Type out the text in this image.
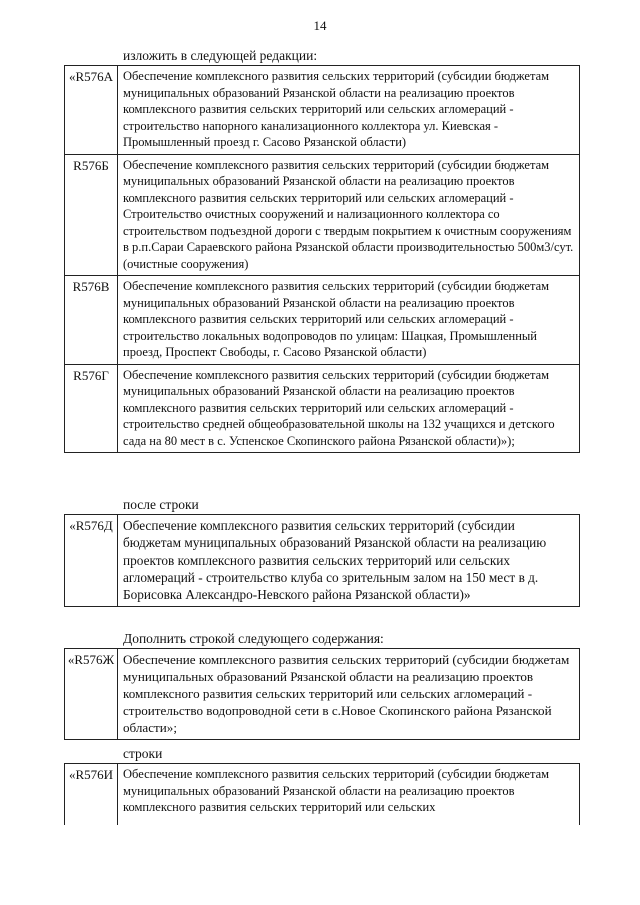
14
изложить в следующей редакции:
«R576А	Обеспечение комплексного развития сельских территорий (субсидии бюджетам муниципальных образований Рязанской области на реализацию проектов комплексного развития сельских территорий или сельских агломераций - строительство напорного канализационного коллектора ул. Киевская - Промышленный проезд г. Сасово Рязанской области)
R576Б	Обеспечение комплексного развития сельских территорий (субсидии бюджетам муниципальных образований Рязанской области на реализацию проектов комплексного развития сельских территорий или сельских агломераций - Строительство очистных сооружений и нализационного коллектора со строительством подъездной дороги с твердым покрытием к очистным сооружениям в р.п.Сараи Сараевского района Рязанской области производительностью 500м3/сут.(очистные сооружения)
R576В	Обеспечение комплексного развития сельских территорий (субсидии бюджетам муниципальных образований Рязанской области на реализацию проектов комплексного развития сельских территорий или сельских агломераций - строительство локальных водопроводов по улицам: Шацкая, Промышленный проезд, Проспект Свободы, г. Сасово Рязанской области)
R576Г	Обеспечение комплексного развития сельских территорий (субсидии бюджетам муниципальных образований Рязанской области на реализацию проектов комплексного развития сельских территорий или сельских агломераций - строительство средней общеобразовательной школы на 132 учащихся и детского сада на 80 мест в с. Успенское Скопинского района Рязанской области)»);
после строки
«R576Д	Обеспечение комплексного развития сельских территорий (субсидии бюджетам муниципальных образований Рязанской области на реализацию проектов комплексного развития сельских территорий или сельских агломераций - строительство клуба со зрительным залом на 150 мест в д. Борисовка Александро-Невского района Рязанской области)»
Дополнить строкой следующего содержания:
«R576Ж	Обеспечение комплексного развития сельских территорий (субсидии бюджетам муниципальных образований Рязанской области на реализацию проектов комплексного развития сельских территорий или сельских агломераций - строительство водопроводной сети в с.Новое Скопинского района Рязанской области»;
строки
«R576И	Обеспечение комплексного развития сельских территорий (субсидии бюджетам муниципальных образований Рязанской области на реализацию проектов комплексного развития сельских территорий или сельских
